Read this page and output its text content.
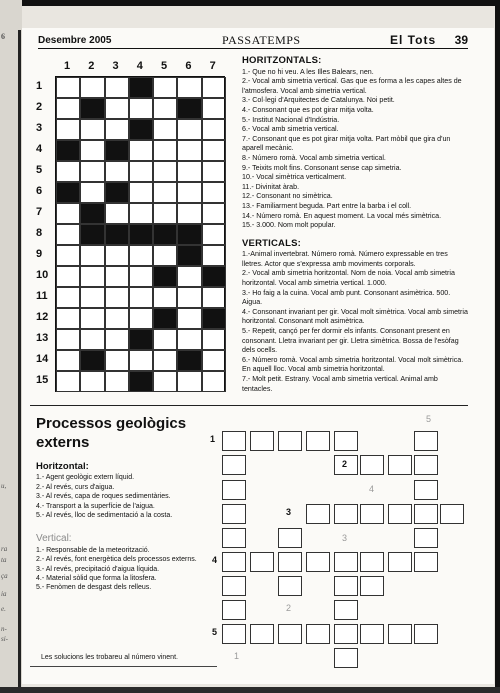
6
u,
ra
ta
ça
ia
e.
n-
si-
Desembre 2005	PASSATEMPS	El Tots 39
1	2	3	4	5	6	7
1
2
3
4
5
6
7
8
9
10
11
12
13
14
15
HORITZONTALS:
1.- Que no hi veu. A les Illes Balears, nen.
2.- Vocal amb simetria vertical. Gas que es forma a les capes altes de l'atmosfera. Vocal amb simetria vertical.
3.- Col·legi d'Arquitectes de Catalunya. Noi petit.
4.- Consonant que es pot girar mitja volta.
5.- Institut Nacional d'Indústria.
6.- Vocal amb simetria vertical.
7.- Consonant que es pot girar mitja volta. Part mòbil que gira d'un aparell mecànic.
8.- Número romà. Vocal amb simetria vertical.
9.- Teixits molt fins. Consonant sense cap simetria.
10.- Vocal simètrica verticalment.
11.- Divinitat àrab.
12.- Consonant no simètrica.
13.- Familiarment beguda. Part entre la barba i el coll.
14.- Número romà. En aquest moment. La vocal més simètrica.
15.- 3.000. Nom molt popular.
VERTICALS:
1.-Animal invertebrat. Número romà. Número expressable en tres lletres. Actor que s'expressa amb moviments corporals.
2.- Vocal amb simetria horitzontal. Nom de noia. Vocal amb simetria horitzontal. Vocal amb simetria vertical. 1.000.
3.- Ho faig a la cuina. Vocal amb punt. Consonant asimètrica. 500. Aigua.
4.- Consonant invariant per gir. Vocal molt simètrica. Vocal amb simetria horitzontal. Consonant molt asimètrica.
5.- Repetit, cançó per fer dormir els infants. Consonant present en consonant. Lletra invariant per gir. Lletra simètrica. Bossa de l'esòfag dels ocells.
6.- Número romà. Vocal amb simetria horitzontal. Vocal molt simètrica. En aquell lloc. Vocal amb simetria horitzontal.
7.- Molt petit. Estrany. Vocal amb simetria vertical. Animal amb tentacles.
Processos geològics externs
Horitzontal:
1.- Agent geològic extern líquid.
2.- Al revés, curs d'aigua.
3.- Al revés, capa de roques sedimentàries.
4.- Transport a la superfície de l'aigua.
5.- Al revés, lloc de sedimentació a la costa.
Vertical:
1.- Responsable de la meteorització.
2.- Al revés, font energètica dels processos externs.
3.- Al revés, precipitació d'aigua líquida.
4.- Material sòlid que forma la litosfera.
5.- Fenòmen de desgast dels relleus.
Les solucions les trobareu al número vinent.
1
2
3
4
5
5
4
3
2
1
